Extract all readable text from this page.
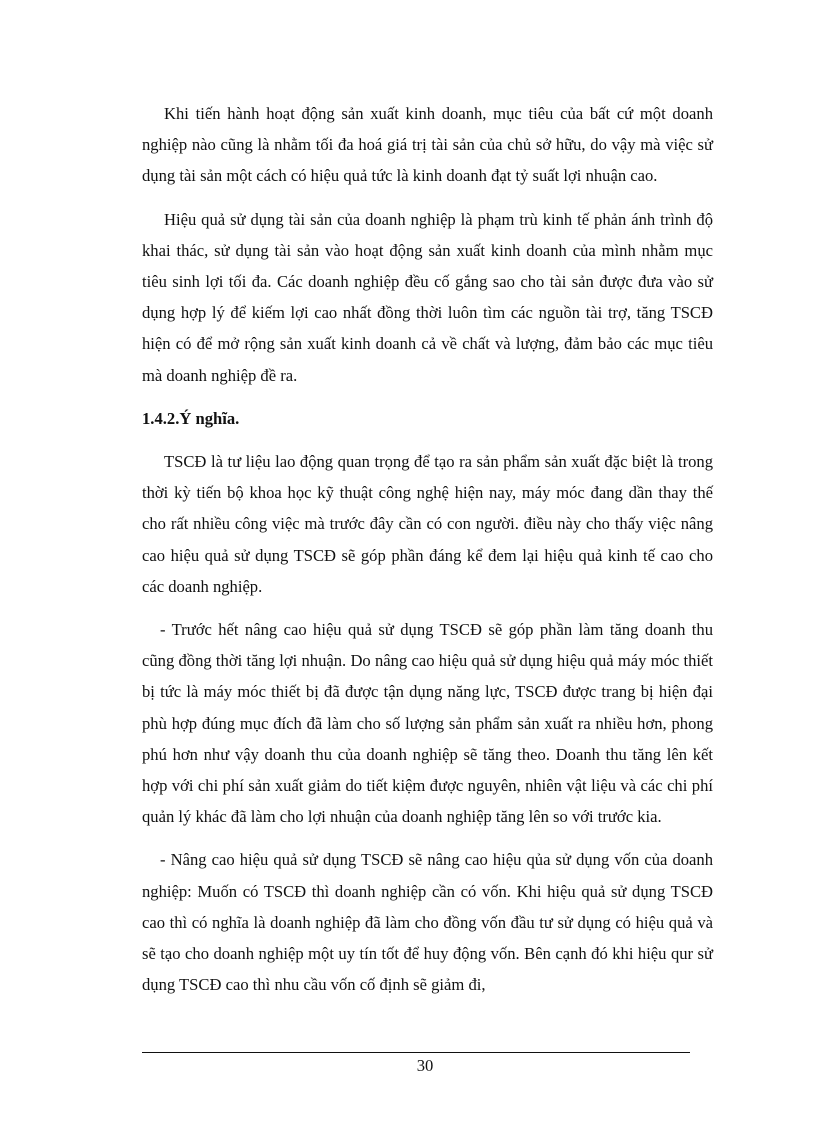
Khi tiến hành hoạt động sản xuất kinh doanh, mục tiêu của bất cứ một doanh nghiệp nào cũng là nhằm tối đa hoá giá trị tài sản của chủ sở hữu, do vậy mà việc sử dụng tài sản một cách có hiệu quả tức là kinh doanh đạt tỷ suất lợi nhuận cao.

Hiệu quả sử dụng tài sản của doanh nghiệp là phạm trù kinh tế phản ánh trình độ khai thác, sử dụng tài sản vào hoạt động sản xuất kinh doanh của mình nhằm mục tiêu sinh lợi tối đa. Các doanh nghiệp đều cố gắng sao cho tài sản được đưa vào sử dụng hợp lý để kiếm lợi cao nhất đồng thời luôn tìm các nguồn tài trợ, tăng TSCĐ hiện có để mở rộng sản xuất kinh doanh cả về chất và lượng, đảm bảo các mục tiêu mà doanh nghiệp đề ra.

1.4.2.Ý nghĩa.

TSCĐ là tư liệu lao động quan trọng để tạo ra sản phẩm sản xuất đặc biệt là trong thời kỳ tiến bộ khoa học kỹ thuật công nghệ hiện nay, máy móc đang dần thay thế cho rất nhiều công việc mà trước đây cần có con người. điều này cho thấy việc nâng cao hiệu quả sử dụng TSCĐ sẽ góp phần đáng kể đem lại hiệu quả kinh tế cao cho các doanh nghiệp.

- Trước hết nâng cao hiệu quả sử dụng TSCĐ sẽ góp phần làm tăng doanh thu cũng đồng thời tăng lợi nhuận. Do nâng cao hiệu quả sử dụng hiệu quả máy móc thiết bị tức là máy móc thiết bị đã được tận dụng năng lực, TSCĐ được trang bị hiện đại phù hợp đúng mục đích đã làm cho số lượng sản phẩm sản xuất ra nhiều hơn, phong phú hơn như vậy doanh thu của doanh nghiệp sẽ tăng theo. Doanh thu tăng lên kết hợp với chi phí sản xuất giảm do tiết kiệm được nguyên, nhiên vật liệu và các chi phí quản lý khác đã làm cho lợi nhuận của doanh nghiệp tăng lên so với trước kia.

- Nâng cao hiệu quả sử dụng TSCĐ sẽ nâng cao hiệu qủa sử dụng vốn của doanh nghiệp: Muốn có TSCĐ thì doanh nghiệp cần có vốn. Khi hiệu quả sử dụng TSCĐ cao thì có nghĩa là doanh nghiệp đã làm cho đồng vốn đầu tư sử dụng có hiệu quả và sẽ tạo cho doanh nghiệp một uy tín tốt để huy động vốn. Bên cạnh đó khi hiệu qur sử dụng TSCĐ cao thì nhu cầu vốn cố định sẽ giảm đi,

30
